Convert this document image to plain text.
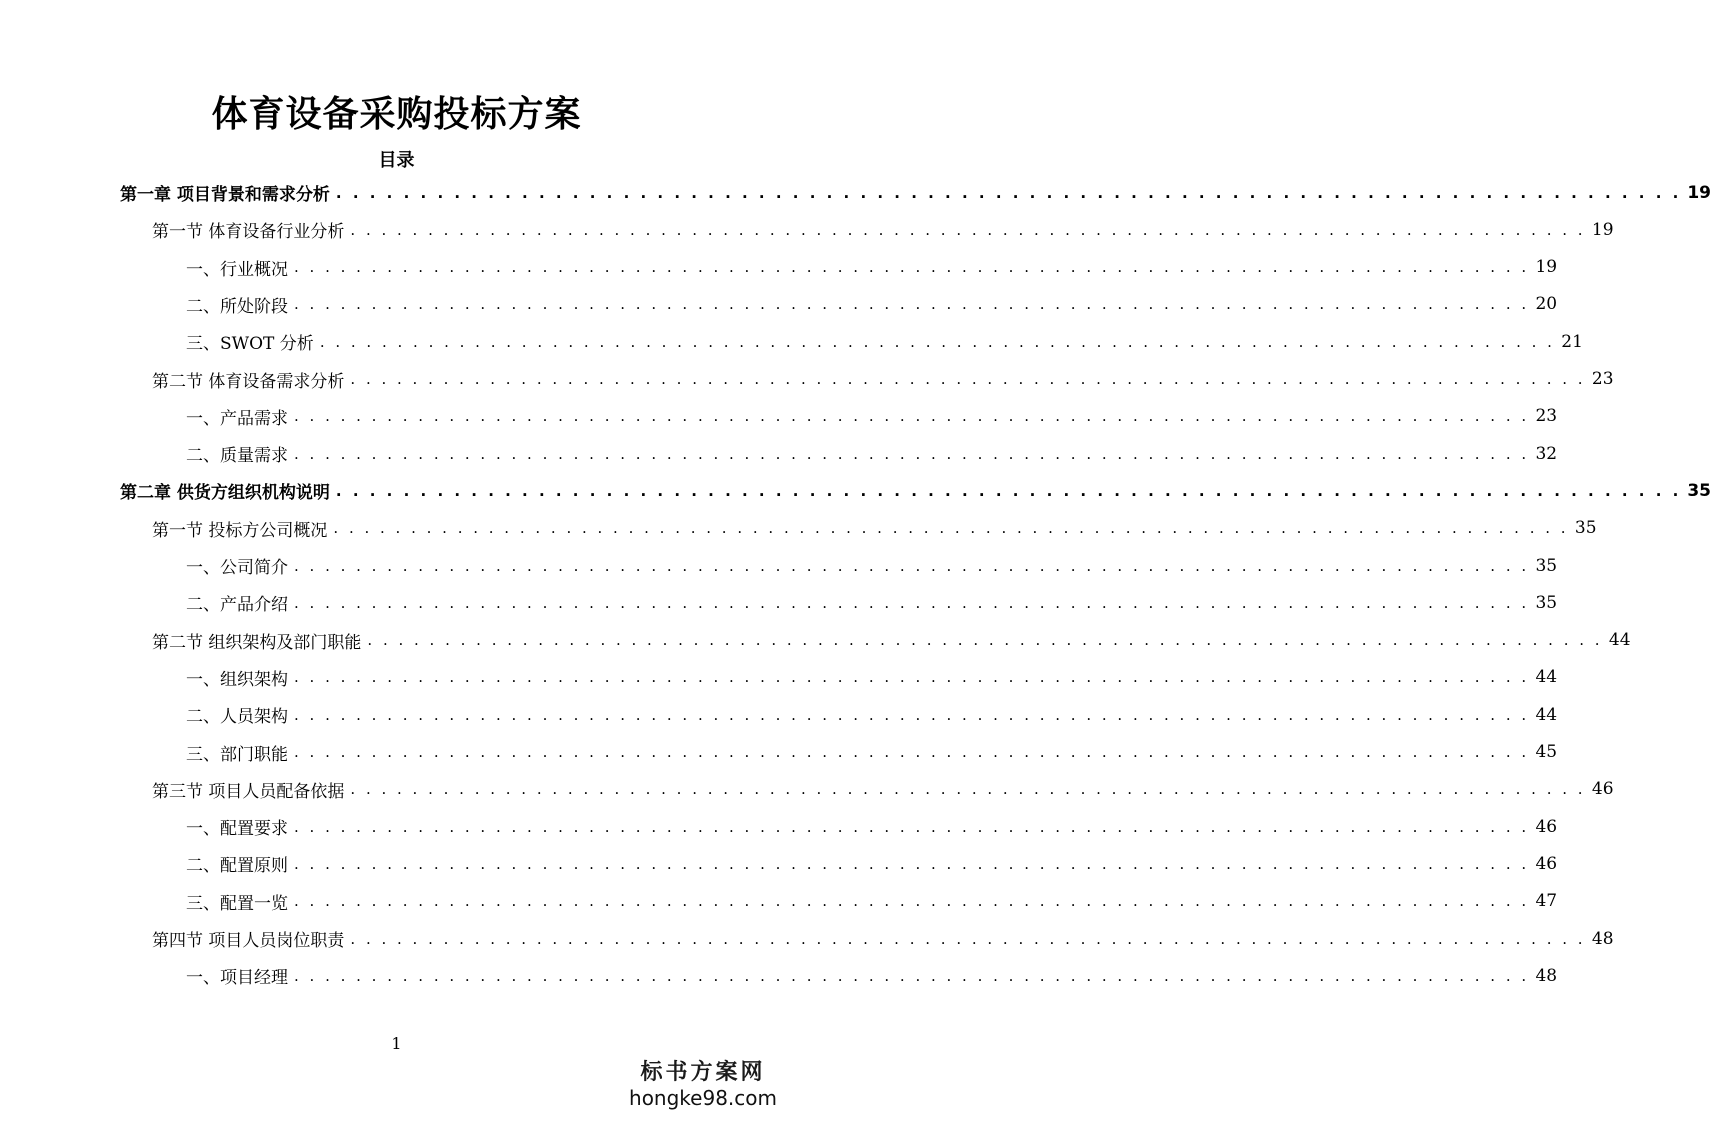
体育设备采购投标方案
目录
第一章 项目背景和需求分析 . . . . . . . . . . . . . . . . . . . . . . . . . . . . . . . . . . . . . . . . . . . . . . . . . . . . . . . . . . . . . . . . . . . . . . . . . . . . . . . . 19
第一节 体育设备行业分析 . . . . . . . . . . . . . . . . . . . . . . . . . . . . . . . . . . . . . . . . . . . . . . . . . . . . . . . . . . . . . . . . . . . . . . . . . . . . . . . . 19
一、行业概况 . . . . . . . . . . . . . . . . . . . . . . . . . . . . . . . . . . . . . . . . . . . . . . . . . . . . . . . . . . . . . . . . . . . . . . . . . . . . . . . . 19
二、所处阶段 . . . . . . . . . . . . . . . . . . . . . . . . . . . . . . . . . . . . . . . . . . . . . . . . . . . . . . . . . . . . . . . . . . . . . . . . . . . . . . . . 20
三、SWOT 分析 . . . . . . . . . . . . . . . . . . . . . . . . . . . . . . . . . . . . . . . . . . . . . . . . . . . . . . . . . . . . . . . . . . . . . . . . . . . . . . . . 21
第二节 体育设备需求分析 . . . . . . . . . . . . . . . . . . . . . . . . . . . . . . . . . . . . . . . . . . . . . . . . . . . . . . . . . . . . . . . . . . . . . . . . . . . . . . . . 23
一、产品需求 . . . . . . . . . . . . . . . . . . . . . . . . . . . . . . . . . . . . . . . . . . . . . . . . . . . . . . . . . . . . . . . . . . . . . . . . . . . . . . . . 23
二、质量需求 . . . . . . . . . . . . . . . . . . . . . . . . . . . . . . . . . . . . . . . . . . . . . . . . . . . . . . . . . . . . . . . . . . . . . . . . . . . . . . . . 32
第二章 供货方组织机构说明 . . . . . . . . . . . . . . . . . . . . . . . . . . . . . . . . . . . . . . . . . . . . . . . . . . . . . . . . . . . . . . . . . . . . . . . . . . . . . . . . 35
第一节 投标方公司概况 . . . . . . . . . . . . . . . . . . . . . . . . . . . . . . . . . . . . . . . . . . . . . . . . . . . . . . . . . . . . . . . . . . . . . . . . . . . . . . . . 35
一、公司简介 . . . . . . . . . . . . . . . . . . . . . . . . . . . . . . . . . . . . . . . . . . . . . . . . . . . . . . . . . . . . . . . . . . . . . . . . . . . . . . . . 35
二、产品介绍 . . . . . . . . . . . . . . . . . . . . . . . . . . . . . . . . . . . . . . . . . . . . . . . . . . . . . . . . . . . . . . . . . . . . . . . . . . . . . . . . 35
第二节 组织架构及部门职能 . . . . . . . . . . . . . . . . . . . . . . . . . . . . . . . . . . . . . . . . . . . . . . . . . . . . . . . . . . . . . . . . . . . . . . . . . . . . . . . . 44
一、组织架构 . . . . . . . . . . . . . . . . . . . . . . . . . . . . . . . . . . . . . . . . . . . . . . . . . . . . . . . . . . . . . . . . . . . . . . . . . . . . . . . . 44
二、人员架构 . . . . . . . . . . . . . . . . . . . . . . . . . . . . . . . . . . . . . . . . . . . . . . . . . . . . . . . . . . . . . . . . . . . . . . . . . . . . . . . . 44
三、部门职能 . . . . . . . . . . . . . . . . . . . . . . . . . . . . . . . . . . . . . . . . . . . . . . . . . . . . . . . . . . . . . . . . . . . . . . . . . . . . . . . . 45
第三节 项目人员配备依据 . . . . . . . . . . . . . . . . . . . . . . . . . . . . . . . . . . . . . . . . . . . . . . . . . . . . . . . . . . . . . . . . . . . . . . . . . . . . . . . . 46
一、配置要求 . . . . . . . . . . . . . . . . . . . . . . . . . . . . . . . . . . . . . . . . . . . . . . . . . . . . . . . . . . . . . . . . . . . . . . . . . . . . . . . . 46
二、配置原则 . . . . . . . . . . . . . . . . . . . . . . . . . . . . . . . . . . . . . . . . . . . . . . . . . . . . . . . . . . . . . . . . . . . . . . . . . . . . . . . . 46
三、配置一览 . . . . . . . . . . . . . . . . . . . . . . . . . . . . . . . . . . . . . . . . . . . . . . . . . . . . . . . . . . . . . . . . . . . . . . . . . . . . . . . . 47
第四节 项目人员岗位职责 . . . . . . . . . . . . . . . . . . . . . . . . . . . . . . . . . . . . . . . . . . . . . . . . . . . . . . . . . . . . . . . . . . . . . . . . . . . . . . . . 48
一、项目经理 . . . . . . . . . . . . . . . . . . . . . . . . . . . . . . . . . . . . . . . . . . . . . . . . . . . . . . . . . . . . . . . . . . . . . . . . . . . . . . . . 48
1
标书方案网
hongke98.com
